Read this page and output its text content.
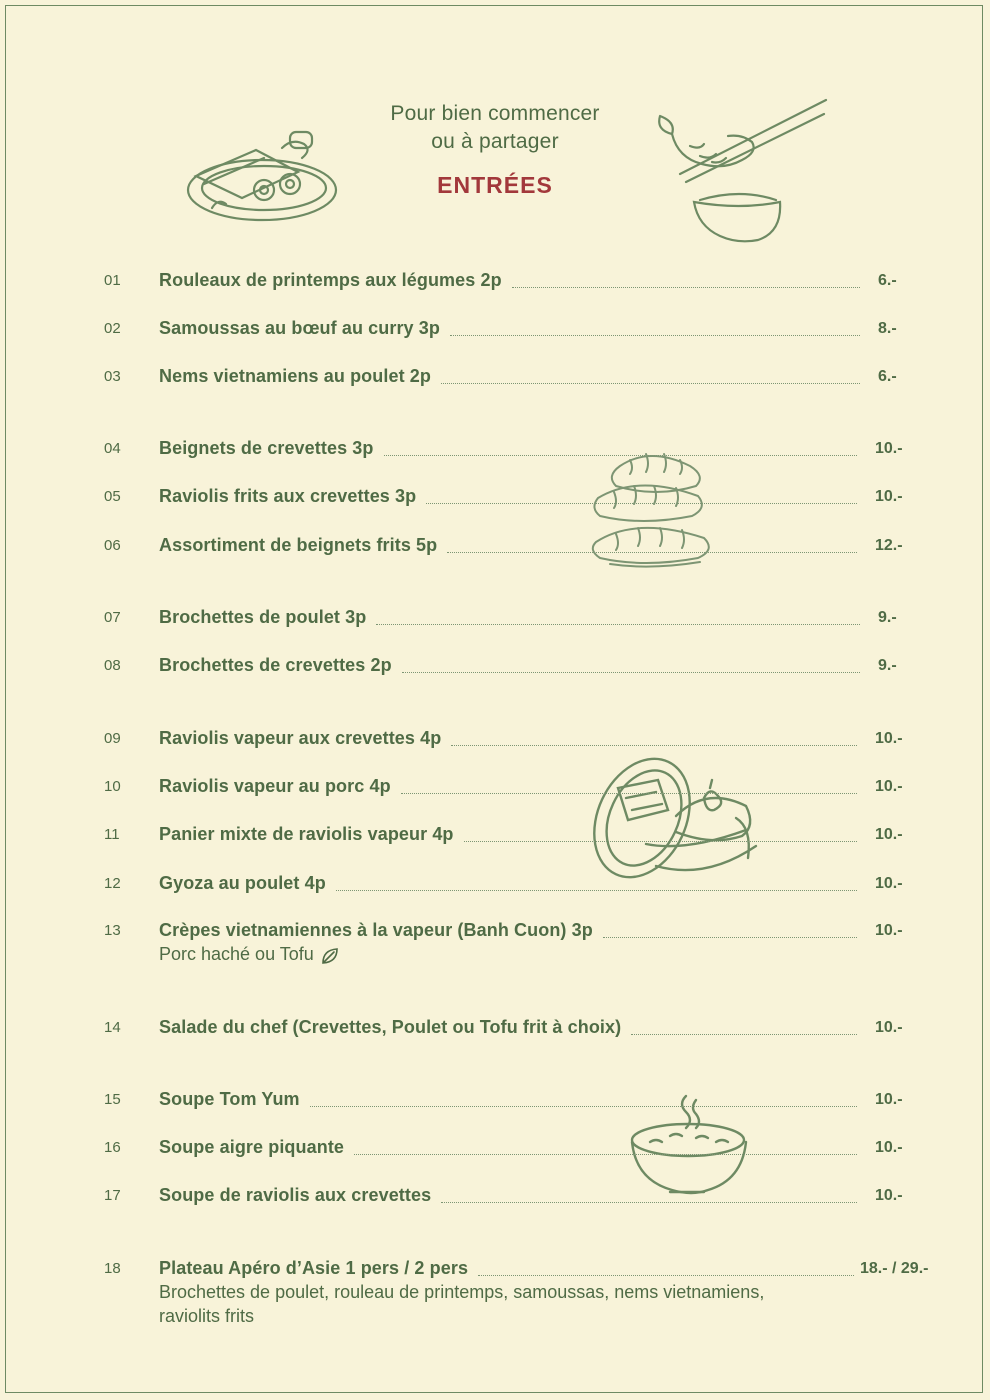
Pour bien commencer
ou à partager
ENTRÉES
01 Rouleaux de printemps aux légumes 2p	6.-
02 Samoussas au bœuf au curry 3p	8.-
03 Nems vietnamiens au poulet 2p	6.-
04 Beignets de crevettes 3p	10.-
05 Raviolis frits aux crevettes 3p	10.-
06 Assortiment de beignets frits 5p	12.-
07 Brochettes de poulet 3p	9.-
08 Brochettes de crevettes 2p	9.-
09 Raviolis vapeur aux crevettes 4p	10.-
10 Raviolis vapeur au porc 4p	10.-
11 Panier mixte de raviolis vapeur 4p	10.-
12 Gyoza au poulet 4p	10.-
13 Crèpes vietnamiennes à la vapeur (Banh Cuon) 3p	10.-
Porc haché ou Tofu
14 Salade du chef (Crevettes, Poulet ou Tofu frit à choix)	10.-
15 Soupe Tom Yum	10.-
16 Soupe aigre piquante	10.-
17 Soupe de raviolis aux crevettes	10.-
18 Plateau Apéro d’Asie 1 pers / 2 pers	18.- / 29.-
Brochettes de poulet, rouleau de printemps, samoussas, nems vietnamiens,
raviolits frits
